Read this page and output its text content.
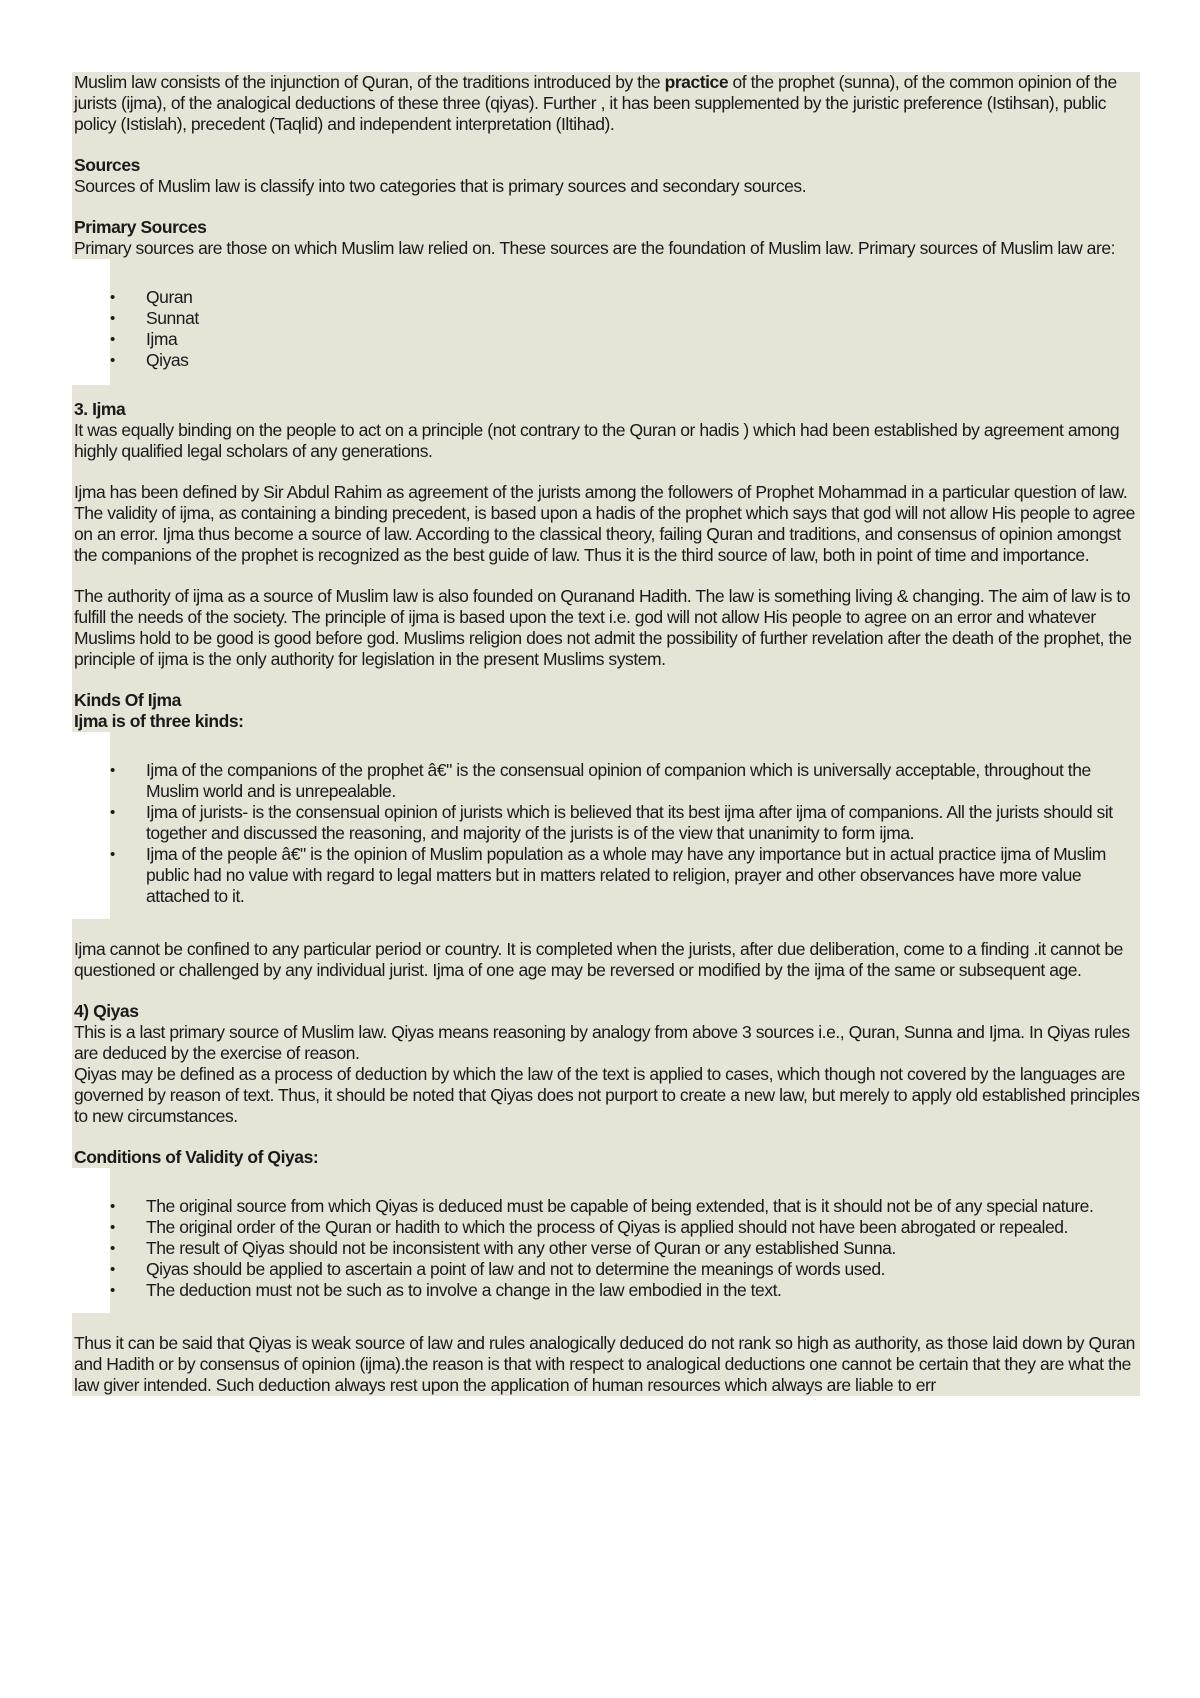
Muslim law consists of the injunction of Quran, of the traditions introduced by the practice of the prophet (sunna), of the common opinion of the jurists (ijma), of the analogical deductions of these three (qiyas). Further , it has been supplemented by the juristic preference (Istihsan), public policy (Istislah), precedent (Taqlid) and independent interpretation (Iltihad).

Sources

Sources of Muslim law is classify into two categories that is primary sources and secondary sources.

Primary Sources

Primary sources are those on which Muslim law relied on. These sources are the foundation of Muslim law. Primary sources of Muslim law are:

• Quran
• Sunnat
• Ijma
• Qiyas

3. Ijma

It was equally binding on the people to act on a principle (not contrary to the Quran or hadis ) which had been established by agreement among highly qualified legal scholars of any generations.

Ijma has been defined by Sir Abdul Rahim as agreement of the jurists among the followers of Prophet Mohammad in a particular question of law. The validity of ijma, as containing a binding precedent, is based upon a hadis of the prophet which says that god will not allow His people to agree on an error. Ijma thus become a source of law. According to the classical theory, failing Quran and traditions, and consensus of opinion amongst the companions of the prophet is recognized as the best guide of law. Thus it is the third source of law, both in point of time and importance.

The authority of ijma as a source of Muslim law is also founded on Quranand Hadith. The law is something living & changing. The aim of law is to fulfill the needs of the society. The principle of ijma is based upon the text i.e. god will not allow His people to agree on an error and whatever Muslims hold to be good is good before god. Muslims religion does not admit the possibility of further revelation after the death of the prophet, the principle of ijma is the only authority for legislation in the present Muslims system.

Kinds Of Ijma

Ijma is of three kinds:

• Ijma of the companions of the prophet â€" is the consensual opinion of companion which is universally acceptable, throughout the Muslim world and is unrepealable.
• Ijma of jurists- is the consensual opinion of jurists which is believed that its best ijma after ijma of companions. All the jurists should sit together and discussed the reasoning, and majority of the jurists is of the view that unanimity to form ijma.
• Ijma of the people â€" is the opinion of Muslim population as a whole may have any importance but in actual practice ijma of Muslim public had no value with regard to legal matters but in matters related to religion, prayer and other observances have more value attached to it.

Ijma cannot be confined to any particular period or country. It is completed when the jurists, after due deliberation, come to a finding .it cannot be questioned or challenged by any individual jurist. Ijma of one age may be reversed or modified by the ijma of the same or subsequent age.

4) Qiyas

This is a last primary source of Muslim law. Qiyas means reasoning by analogy from above 3 sources i.e., Quran, Sunna and Ijma. In Qiyas rules are deduced by the exercise of reason.

Qiyas may be defined as a process of deduction by which the law of the text is applied to cases, which though not covered by the languages are governed by reason of text. Thus, it should be noted that Qiyas does not purport to create a new law, but merely to apply old established principles to new circumstances.

Conditions of Validity of Qiyas:

• The original source from which Qiyas is deduced must be capable of being extended, that is it should not be of any special nature.
• The original order of the Quran or hadith to which the process of Qiyas is applied should not have been abrogated or repealed.
• The result of Qiyas should not be inconsistent with any other verse of Quran or any established Sunna.
• Qiyas should be applied to ascertain a point of law and not to determine the meanings of words used.
• The deduction must not be such as to involve a change in the law embodied in the text.

Thus it can be said that Qiyas is weak source of law and rules analogically deduced do not rank so high as authority, as those laid down by Quran and Hadith or by consensus of opinion (ijma).the reason is that with respect to analogical deductions one cannot be certain that they are what the law giver intended. Such deduction always rest upon the application of human resources which always are liable to err
